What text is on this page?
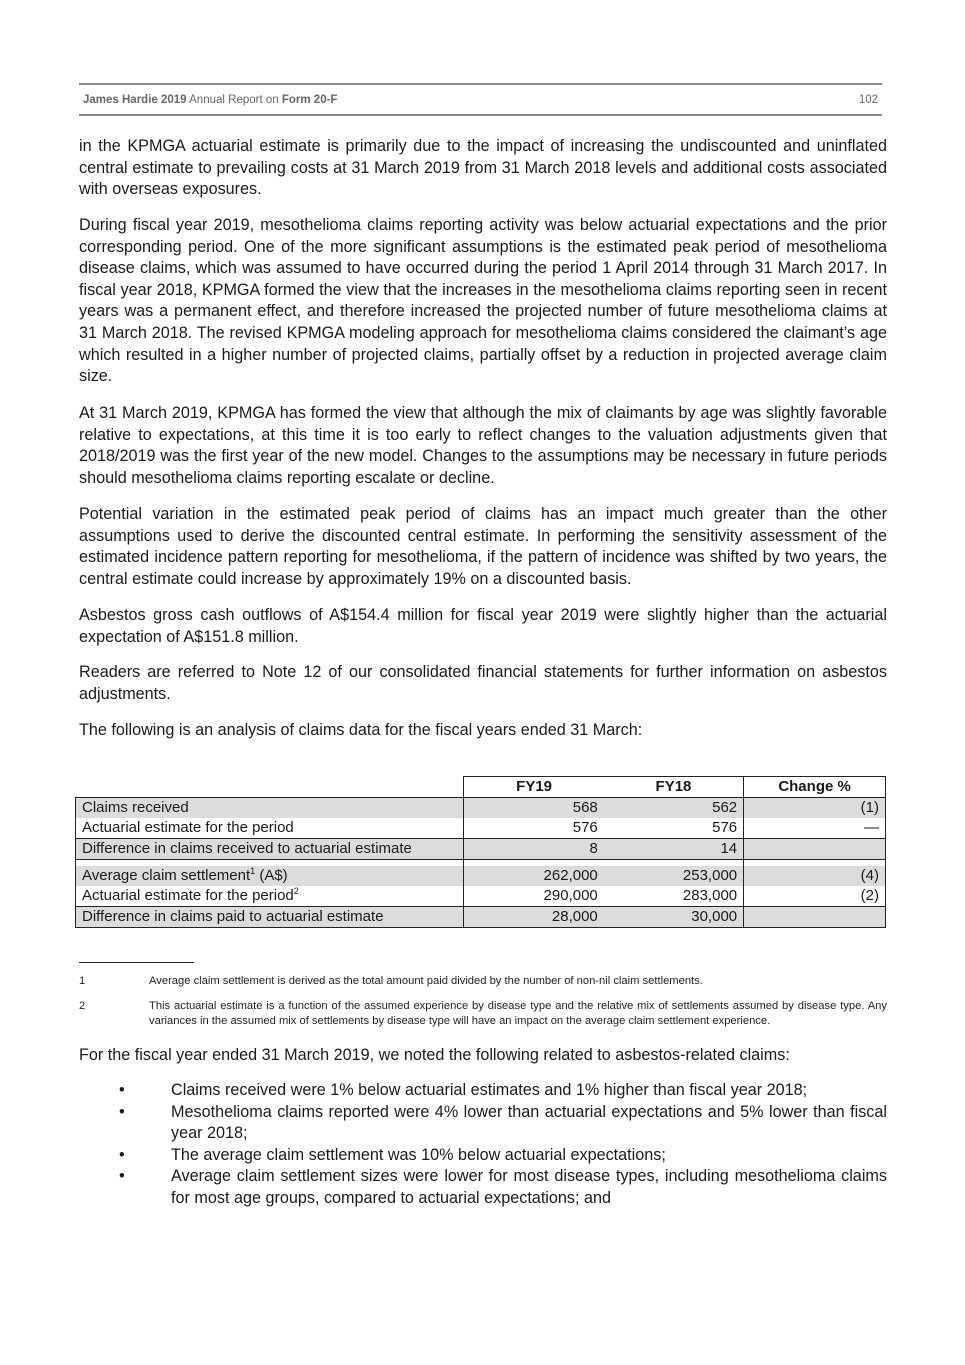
James Hardie 2019 Annual Report on Form 20-F	102

in the KPMGA actuarial estimate is primarily due to the impact of increasing the undiscounted and uninflated central estimate to prevailing costs at 31 March 2019 from 31 March 2018 levels and additional costs associated with overseas exposures.

During fiscal year 2019, mesothelioma claims reporting activity was below actuarial expectations and the prior corresponding period. One of the more significant assumptions is the estimated peak period of mesothelioma disease claims, which was assumed to have occurred during the period 1 April 2014 through 31 March 2017. In fiscal year 2018, KPMGA formed the view that the increases in the mesothelioma claims reporting seen in recent years was a permanent effect, and therefore increased the projected number of future mesothelioma claims at 31 March 2018. The revised KPMGA modeling approach for mesothelioma claims considered the claimant’s age which resulted in a higher number of projected claims, partially offset by a reduction in projected average claim size.

At 31 March 2019, KPMGA has formed the view that although the mix of claimants by age was slightly favorable relative to expectations, at this time it is too early to reflect changes to the valuation adjustments given that 2018/2019 was the first year of the new model. Changes to the assumptions may be necessary in future periods should mesothelioma claims reporting escalate or decline.

Potential variation in the estimated peak period of claims has an impact much greater than the other assumptions used to derive the discounted central estimate. In performing the sensitivity assessment of the estimated incidence pattern reporting for mesothelioma, if the pattern of incidence was shifted by two years, the central estimate could increase by approximately 19% on a discounted basis.

Asbestos gross cash outflows of A$154.4 million for fiscal year 2019 were slightly higher than the actuarial expectation of A$151.8 million.

Readers are referred to Note 12 of our consolidated financial statements for further information on asbestos adjustments.

The following is an analysis of claims data for the fiscal years ended 31 March:

	FY19	FY18	Change %
Claims received	568	562	(1)
Actuarial estimate for the period	576	576	—
Difference in claims received to actuarial estimate	8	14	

Average claim settlement$^1$ (A$)	262,000	253,000	(4)
Actuarial estimate for the period$^2$	290,000	283,000	(2)
Difference in claims paid to actuarial estimate	28,000	30,000	
1	Average claim settlement is derived as the total amount paid divided by the number of non-nil claim settlements.
2	This actuarial estimate is a function of the assumed experience by disease type and the relative mix of settlements assumed by disease type. Any variances in the assumed mix of settlements by disease type will have an impact on the average claim settlement experience.

For the fiscal year ended 31 March 2019, we noted the following related to asbestos-related claims:

•	Claims received were 1% below actuarial estimates and 1% higher than fiscal year 2018;
•	Mesothelioma claims reported were 4% lower than actuarial expectations and 5% lower than fiscal year 2018;
•	The average claim settlement was 10% below actuarial expectations;
•	Average claim settlement sizes were lower for most disease types, including mesothelioma claims for most age groups, compared to actuarial expectations; and
